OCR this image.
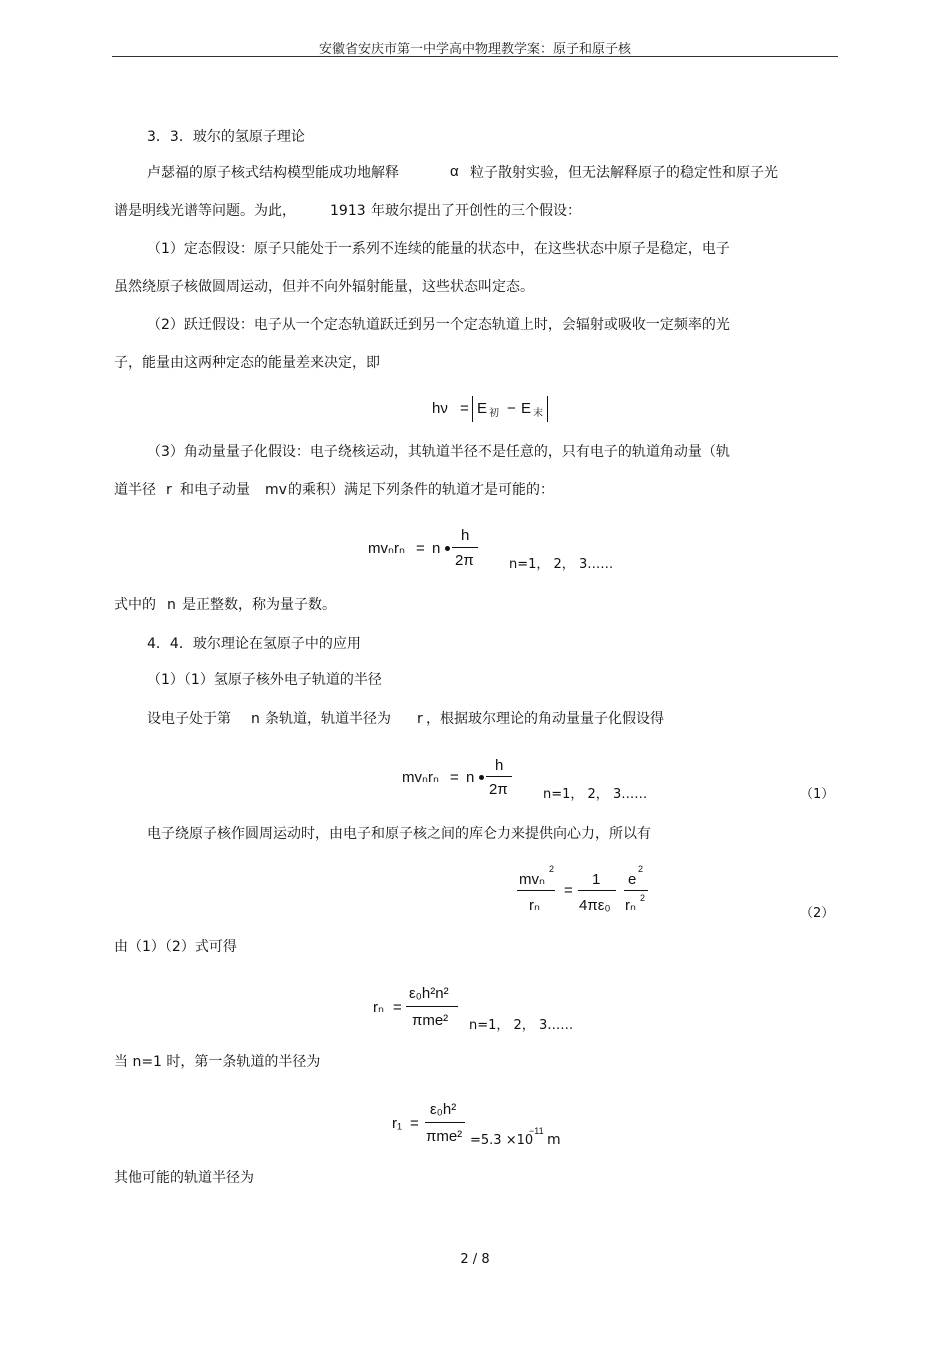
安徽省安庆市第一中学高中物理教学案：原子和原子核
3．3．玻尔的氢原子理论
卢瑟福的原子核式结构模型能成功地解释	α 粒子散射实验，但无法解释原子的稳定性和原子光
谱是明线光谱等问题。为此， 1913 年玻尔提出了开创性的三个假设：
（1）定态假设：原子只能处于一系列不连续的能量的状态中，在这些状态中原子是稳定，电子
虽然绕原子核做圆周运动，但并不向外辐射能量，这些状态叫定态。
（2）跃迁假设：电子从一个定态轨道跃迁到另一个定态轨道上时，会辐射或吸收一定频率的光
子，能量由这两种定态的能量差来决定，即
hν = E 初 − E 末
（3）角动量量子化假设：电子绕核运动，其轨道半径不是任意的，只有电子的轨道角动量（轨
道半径 r 和电子动量 mv 的乘积）满足下列条件的轨道才是可能的：
mvₙrₙ = n
h
2π	n=1， 2， 3……
式中的 n 是正整数，称为量子数。
4．4．玻尔理论在氢原子中的应用
（1）（1）氢原子核外电子轨道的半径
设电子处于第 n 条轨道，轨道半径为 r ，根据玻尔理论的角动量量子化假设得
mvₙrₙ = n
h
2π	n=1， 2， 3……	（1）
电子绕原子核作圆周运动时，由电子和原子核之间的库仑力来提供向心力，所以有
mvₙ
2
rₙ
=
1
4πε₀
e
2
rₙ 2
（2）
由（1）（2）式可得
rₙ =
ε₀h²n²
πme² n=1， 2， 3……
当 n=1 时，第一条轨道的半径为
r₁ =
ε₀h²
πme² =5.3 ×10
−11
m
其他可能的轨道半径为
2 / 8
